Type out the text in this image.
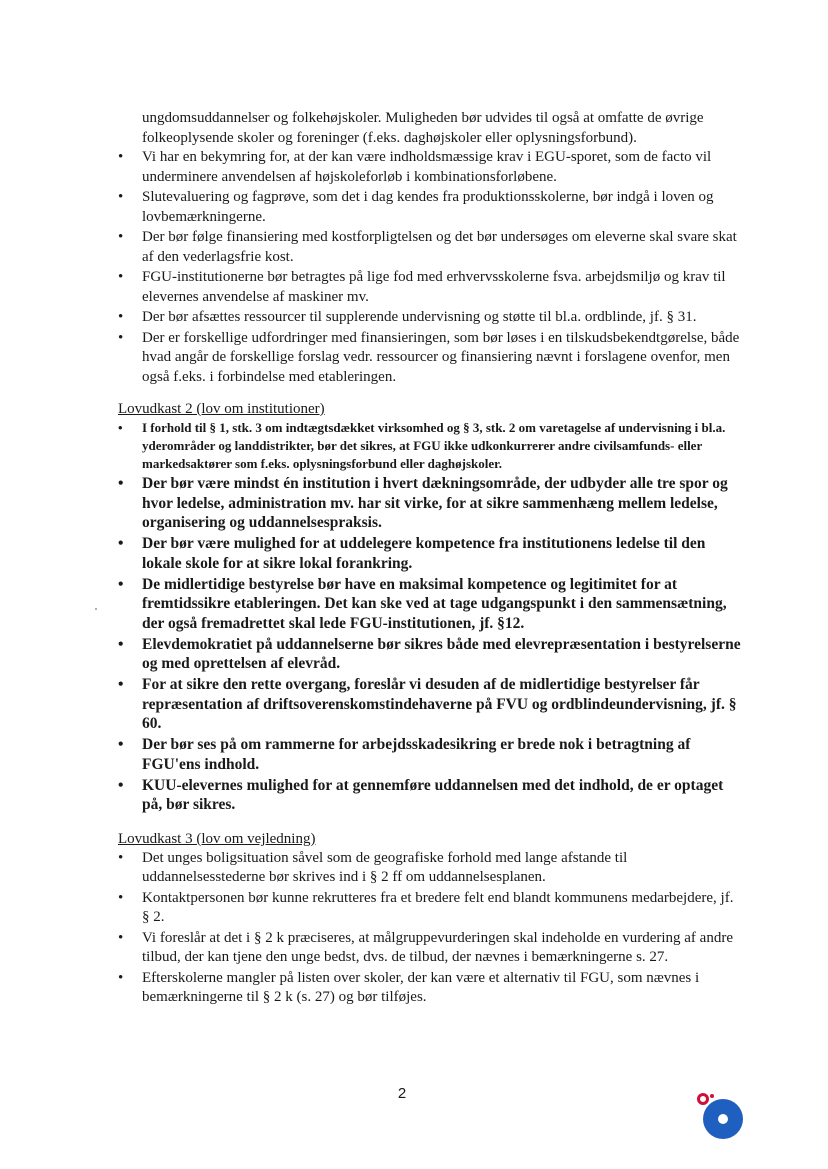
ungdomsuddannelser og folkehøjskoler. Muligheden bør udvides til også at omfatte de øvrige folkeoplysende skoler og foreninger (f.eks. daghøjskoler eller oplysningsforbund).

• Vi har en bekymring for, at der kan være indholdsmæssige krav i EGU-sporet, som de facto vil underminere anvendelsen af højskoleforløb i kombinationsforløbene.
• Slutevaluering og fagprøve, som det i dag kendes fra produktionsskolerne, bør indgå i loven og lovbemærkningerne.
• Der bør følge finansiering med kostforpligtelsen og det bør undersøges om eleverne skal svare skat af den vederlagsfrie kost.
• FGU-institutionerne bør betragtes på lige fod med erhvervsskolerne fsva. arbejdsmiljø og krav til elevernes anvendelse af maskiner mv.
• Der bør afsættes ressourcer til supplerende undervisning og støtte til bl.a. ordblinde, jf. § 31.
• Der er forskellige udfordringer med finansieringen, som bør løses i en tilskudsbekendtgørelse, både hvad angår de forskellige forslag vedr. ressourcer og finansiering nævnt i forslagene ovenfor, men også f.eks. i forbindelse med etableringen.

Lovudkast 2 (lov om institutioner)

• I forhold til § 1, stk. 3 om indtægtsdækket virksomhed og § 3, stk. 2 om varetagelse af undervisning i bl.a. yderområder og landdistrikter, bør det sikres, at FGU ikke udkonkurrerer andre civilsamfunds- eller markedsaktører som f.eks. oplysningsforbund eller daghøjskoler.
• Der bør være mindst én institution i hvert dækningsområde, der udbyder alle tre spor og hvor ledelse, administration mv. har sit virke, for at sikre sammenhæng mellem ledelse, organisering og uddannelsespraksis.
• Der bør være mulighed for at uddelegere kompetence fra institutionens ledelse til den lokale skole for at sikre lokal forankring.
• De midlertidige bestyrelse bør have en maksimal kompetence og legitimitet for at fremtidssikre etableringen. Det kan ske ved at tage udgangspunkt i den sammensætning, der også fremadrettet skal lede FGU-institutionen, jf. §12.
• Elevdemokratiet på uddannelserne bør sikres både med elevrepræsentation i bestyrelserne og med oprettelsen af elevråd.
• For at sikre den rette overgang, foreslår vi desuden af de midlertidige bestyrelser får repræsentation af driftsoverenskomstindehaverne på FVU og ordblindeundervisning, jf. § 60.
• Der bør ses på om rammerne for arbejdsskadesikring er brede nok i betragtning af FGU'ens indhold.
• KUU-elevernes mulighed for at gennemføre uddannelsen med det indhold, de er optaget på, bør sikres.

Lovudkast 3 (lov om vejledning)

• Det unges boligsituation såvel som de geografiske forhold med lange afstande til uddannelsesstederne bør skrives ind i § 2 ff om uddannelsesplanen.
• Kontaktpersonen bør kunne rekrutteres fra et bredere felt end blandt kommunens medarbejdere, jf. § 2.
• Vi foreslår at det i § 2 k præciseres, at målgruppevurderingen skal indeholde en vurdering af andre tilbud, der kan tjene den unge bedst, dvs. de tilbud, der nævnes i bemærkningerne s. 27.
• Efterskolerne mangler på listen over skoler, der kan være et alternativ til FGU, som nævnes i bemærkningerne til § 2 k (s. 27) og bør tilføjes.
2
